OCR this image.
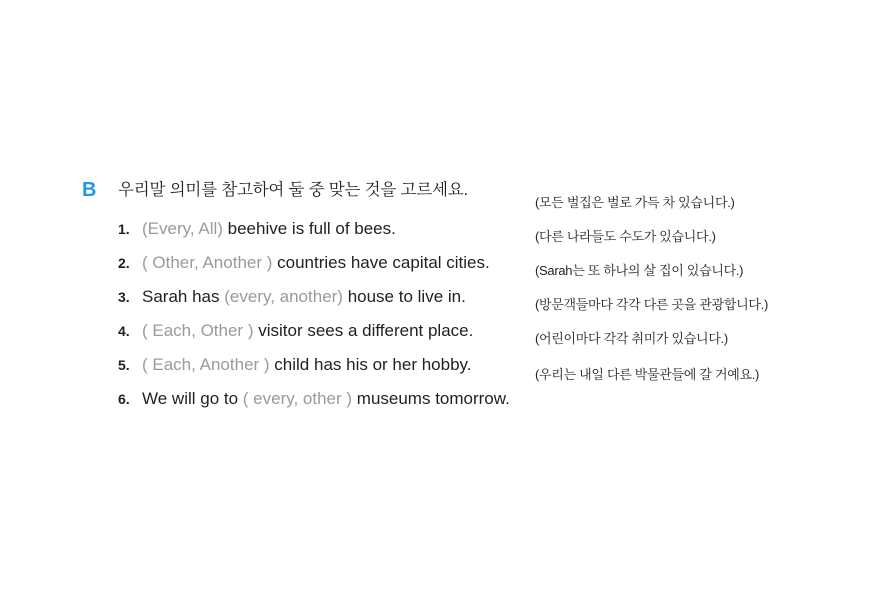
B	우리말 의미를 참고하여 둘 중 맞는 것을 고르세요.
1. (Every, All) beehive is full of bees.
(모든 벌집은 벌로 가득 차 있습니다.)
2. ( Other, Another ) countries have capital cities.
(다른 나라들도 수도가 있습니다.)
3. Sarah has (every, another) house to live in.
(Sarah는 또 하나의 살 집이 있습니다.)
4. ( Each, Other ) visitor sees a different place.
(방문객들마다 각각 다른 곳을 관광합니다.)
5. ( Each, Another ) child has his or her hobby.
(어린이마다 각각 취미가 있습니다.)
6. We will go to ( every, other ) museums tomorrow.
(우리는 내일 다른 박물관들에 갈 거예요.)
